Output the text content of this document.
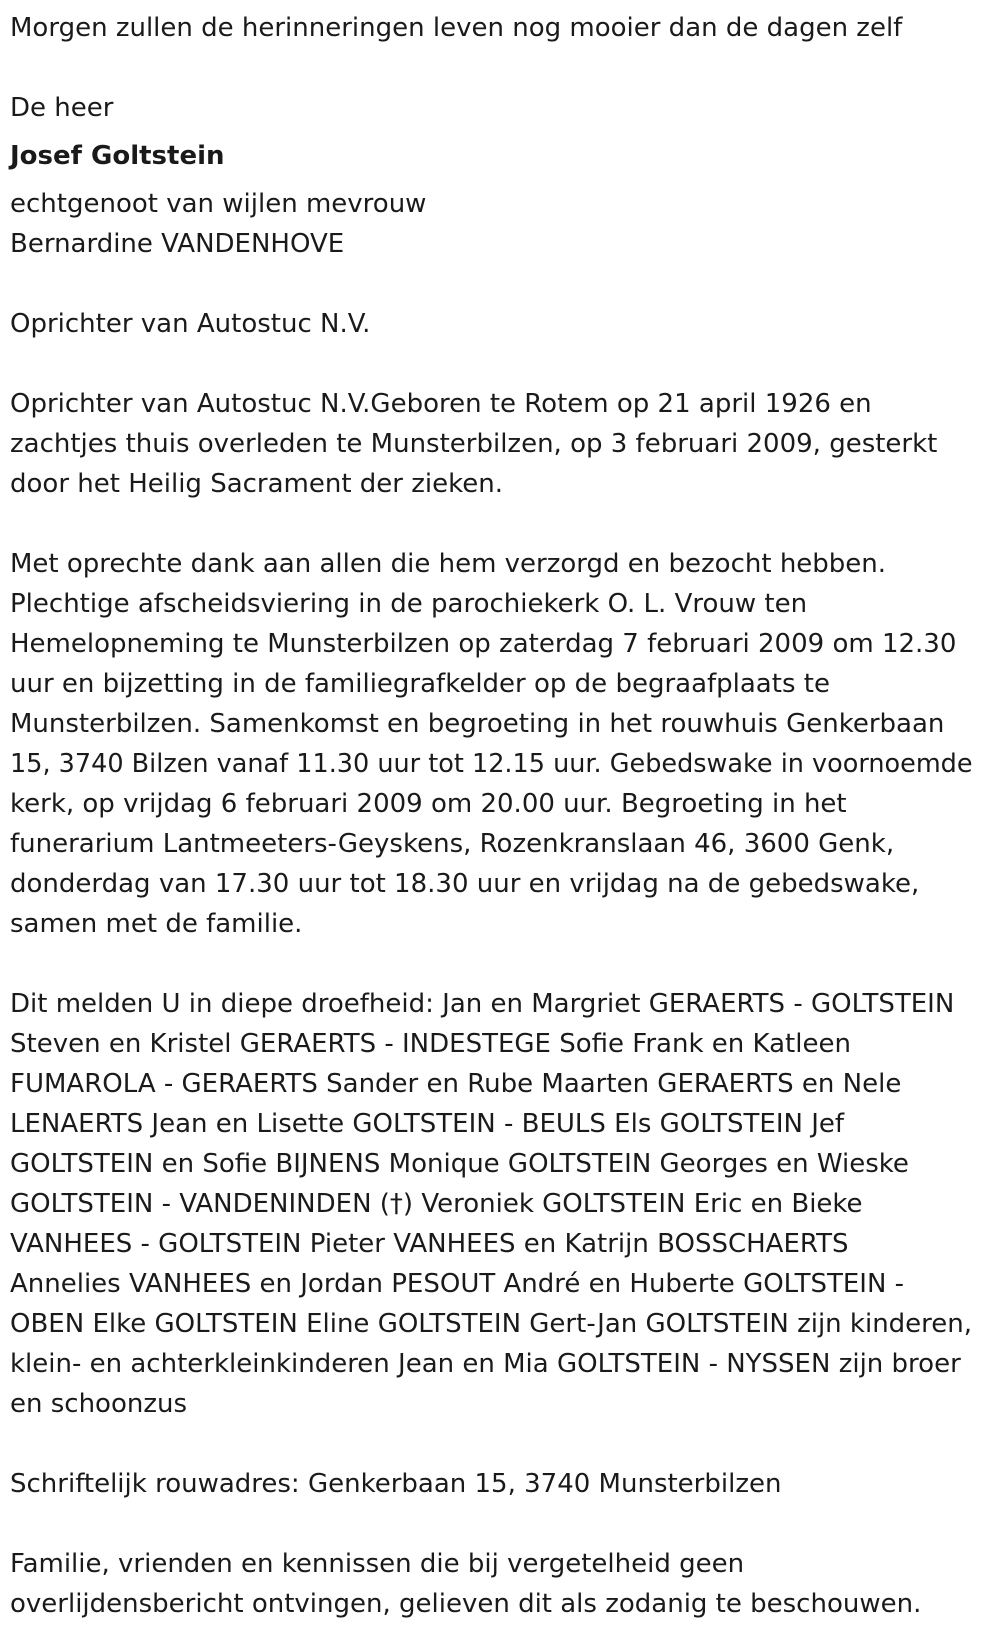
Morgen zullen de herinneringen leven nog mooier dan de dagen zelf

De heer

Josef Goltstein

echtgenoot van wijlen mevrouw

Bernardine VANDENHOVE

Oprichter van Autostuc N.V.

Oprichter van Autostuc N.V.Geboren te Rotem op 21 april 1926 en

zachtjes thuis overleden te Munsterbilzen, op 3 februari 2009, gesterkt

door het Heilig Sacrament der zieken.

Met oprechte dank aan allen die hem verzorgd en bezocht hebben.

Plechtige afscheidsviering in de parochiekerk O. L. Vrouw ten

Hemelopneming te Munsterbilzen op zaterdag 7 februari 2009 om 12.30

uur en bijzetting in de familiegrafkelder op de begraafplaats te

Munsterbilzen. Samenkomst en begroeting in het rouwhuis Genkerbaan

15, 3740 Bilzen vanaf 11.30 uur tot 12.15 uur. Gebedswake in voornoemde

kerk, op vrijdag 6 februari 2009 om 20.00 uur. Begroeting in het

funerarium Lantmeeters-Geyskens, Rozenkranslaan 46, 3600 Genk,

donderdag van 17.30 uur tot 18.30 uur en vrijdag na de gebedswake,

samen met de familie.

Dit melden U in diepe droefheid: Jan en Margriet GERAERTS - GOLTSTEIN

Steven en Kristel GERAERTS - INDESTEGE Sofie Frank en Katleen

FUMAROLA - GERAERTS Sander en Rube Maarten GERAERTS en Nele

LENAERTS Jean en Lisette GOLTSTEIN - BEULS Els GOLTSTEIN Jef

GOLTSTEIN en Sofie BIJNENS Monique GOLTSTEIN Georges en Wieske

GOLTSTEIN - VANDENINDEN (†) Veroniek GOLTSTEIN Eric en Bieke

VANHEES - GOLTSTEIN Pieter VANHEES en Katrijn BOSSCHAERTS

Annelies VANHEES en Jordan PESOUT André en Huberte GOLTSTEIN -

OBEN Elke GOLTSTEIN Eline GOLTSTEIN Gert-Jan GOLTSTEIN zijn kinderen,

klein- en achterkleinkinderen Jean en Mia GOLTSTEIN - NYSSEN zijn broer

en schoonzus

Schriftelijk rouwadres: Genkerbaan 15, 3740 Munsterbilzen

Familie, vrienden en kennissen die bij vergetelheid geen

overlijdensbericht ontvingen, gelieven dit als zodanig te beschouwen.
